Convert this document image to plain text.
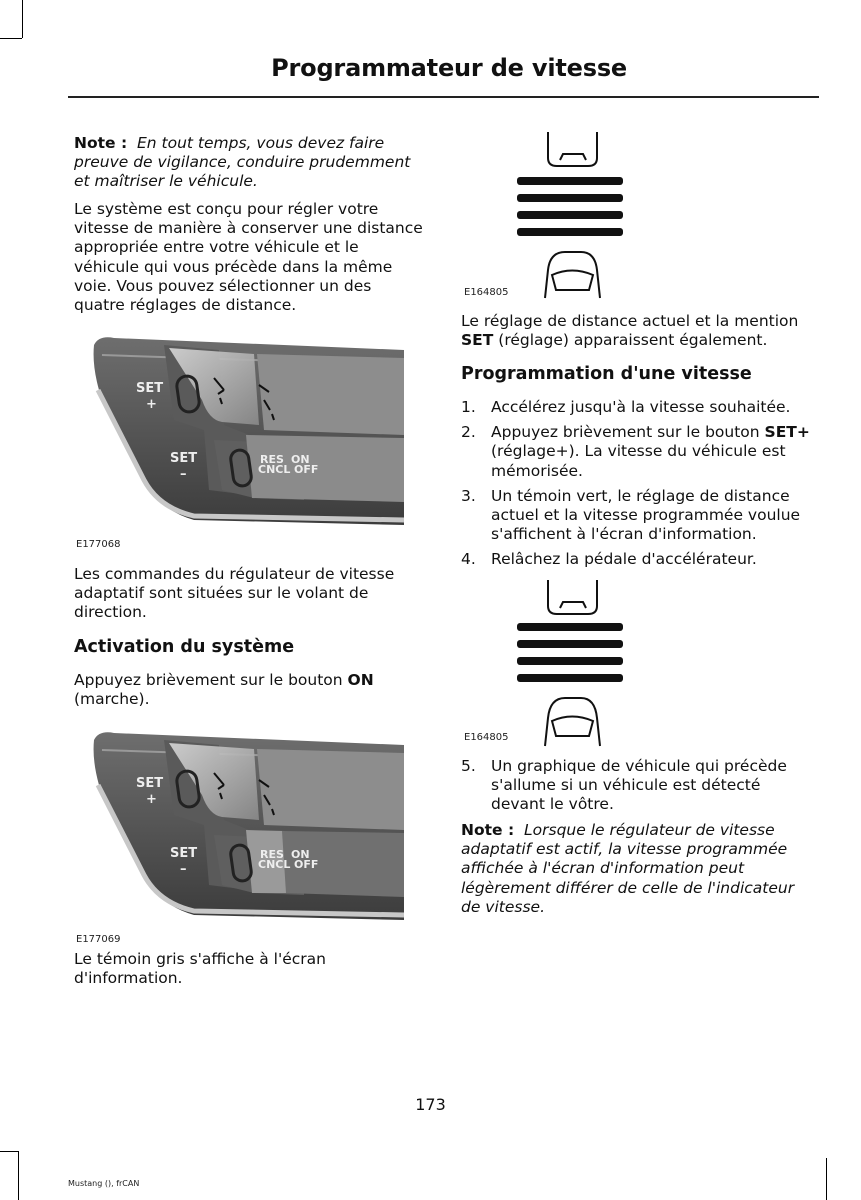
Programmateur de vitesse

Note : En tout temps, vous devez faire preuve de vigilance, conduire prudemment et maîtriser le véhicule.

Le système est conçu pour régler votre vitesse de manière à conserver une distance appropriée entre votre véhicule et le véhicule qui vous précède dans la même voie. Vous pouvez sélectionner un des quatre réglages de distance.

SET
+
SET
–
RES ON
CNCL OFF
E177068

Les commandes du régulateur de vitesse adaptatif sont situées sur le volant de direction.

Activation du système

Appuyez brièvement sur le bouton ON
(marche).

SET
+
SET
–
RES ON
CNCL OFF
E177069

Le témoin gris s'affiche à l'écran d'information.

E164805

Le réglage de distance actuel et la mention SET (réglage) apparaissent également.

Programmation d'une vitesse
1. Accélérez jusqu'à la vitesse souhaitée.
2. Appuyez brièvement sur le bouton SET+ (réglage+). La vitesse du véhicule est mémorisée.
3. Un témoin vert, le réglage de distance actuel et la vitesse programmée voulue s'affichent à l'écran d'information.
4. Relâchez la pédale d'accélérateur.
E164805
5. Un graphique de véhicule qui précède s'allume si un véhicule est détecté devant le vôtre.

Note : Lorsque le régulateur de vitesse adaptatif est actif, la vitesse programmée affichée à l'écran d'information peut légèrement différer de celle de l'indicateur de vitesse.

173
Mustang (), frCAN
